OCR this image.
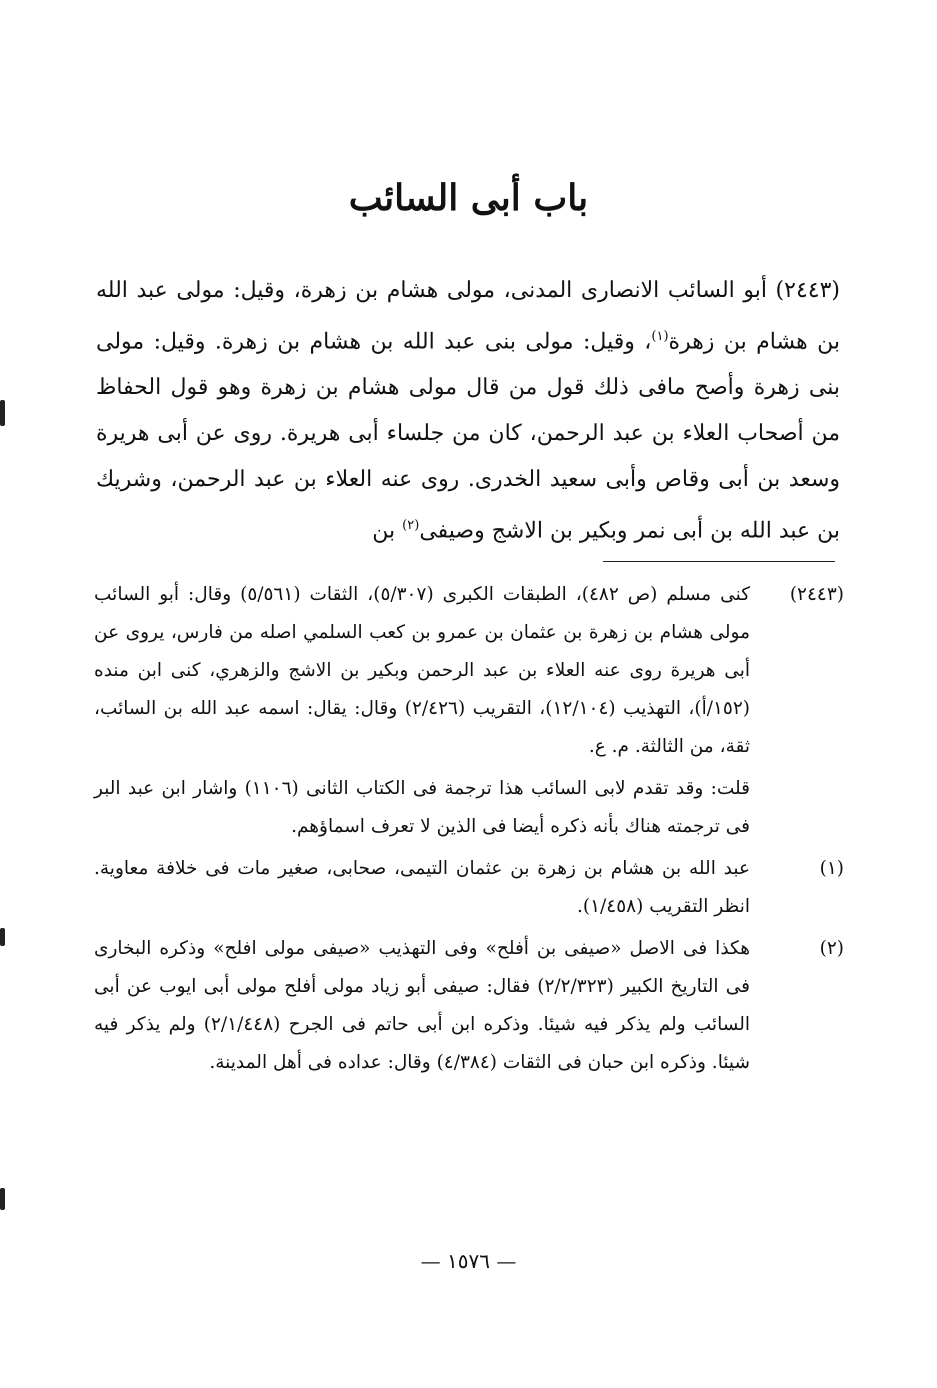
باب أبى السائب

(٢٤٤٣) أبو السائب الانصارى المدنى، مولى هشام بن زهرة، وقيل: مولى عبد الله بن هشام بن زهرة$^{(١)}$، وقيل: مولى بنى عبد الله بن هشام بن زهرة. وقيل: مولى بنى زهرة وأصح مافى ذلك قول من قال مولى هشام بن زهرة وهو قول الحفاظ من أصحاب العلاء بن عبد الرحمن، كان من جلساء أبى هريرة. روى عن أبى هريرة وسعد بن أبى وقاص وأبى سعيد الخدرى. روى عنه العلاء بن عبد الرحمن، وشريك بن عبد الله بن أبى نمر وبكير بن الاشج وصيفى$^{(٢)}$ بن

(٢٤٤٣)

كنى مسلم (ص ٤٨٢)، الطبقات الكبرى (٥/٣٠٧)، الثقات (٥/٥٦١) وقال: أبو السائب مولى هشام بن زهرة بن عثمان بن عمرو بن كعب السلمي اصله من فارس، يروى عن أبى هريرة روى عنه العلاء بن عبد الرحمن وبكير بن الاشج والزهري، كنى ابن منده (١٥٢/أ)، التهذيب (١٢/١٠٤)، التقريب (٢/٤٢٦) وقال: يقال: اسمه عبد الله بن السائب، ثقة، من الثالثة. م. ع.

قلت: وقد تقدم لابى السائب هذا ترجمة فى الكتاب الثانى (١١٠٦) واشار ابن عبد البر فى ترجمته هناك بأنه ذكره أيضا فى الذين لا تعرف اسماؤهم.

(١)

عبد الله بن هشام بن زهرة بن عثمان التيمى، صحابى، صغير مات فى خلافة معاوية. انظر التقريب (١/٤٥٨).

(٢)

هكذا فى الاصل «صيفى بن أفلح» وفى التهذيب «صيفى مولى افلح» وذكره البخارى فى التاريخ الكبير (٢/٢/٣٢٣) فقال: صيفى أبو زياد مولى أفلح مولى أبى ايوب عن أبى السائب ولم يذكر فيه شيئا. وذكره ابن أبى حاتم فى الجرح (٢/١/٤٤٨) ولم يذكر فيه شيئا. وذكره ابن حبان فى الثقات (٤/٣٨٤) وقال: عداده فى أهل المدينة.

— ١٥٧٦ —
